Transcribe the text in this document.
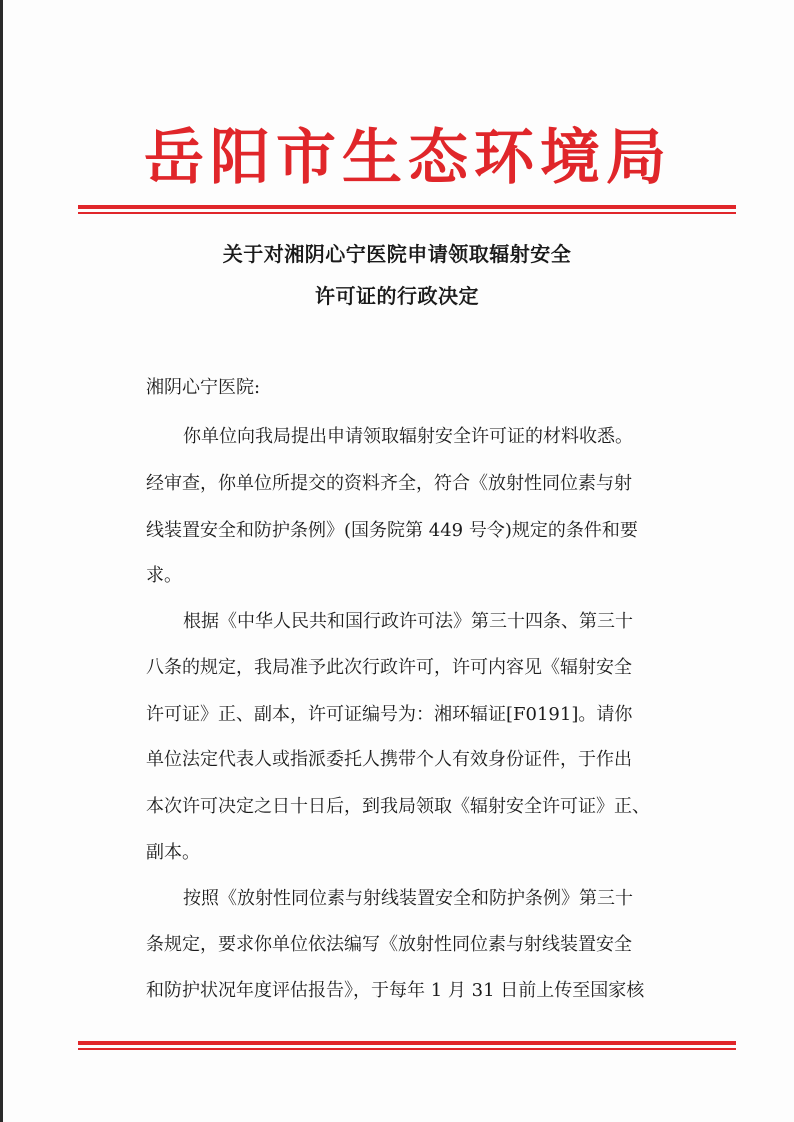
岳阳市生态环境局
关于对湘阴心宁医院申请领取辐射安全
许可证的行政决定

湘阴心宁医院:

你单位向我局提出申请领取辐射安全许可证的材料收悉。

经审查，你单位所提交的资料齐全，符合《放射性同位素与射

线装置安全和防护条例》(国务院第 449 号令)规定的条件和要

求。

根据《中华人民共和国行政许可法》第三十四条、第三十

八条的规定，我局准予此次行政许可，许可内容见《辐射安全

许可证》正、副本，许可证编号为：湘环辐证[F0191]。请你

单位法定代表人或指派委托人携带个人有效身份证件，于作出

本次许可决定之日十日后，到我局领取《辐射安全许可证》正、

副本。

按照《放射性同位素与射线装置安全和防护条例》第三十

条规定，要求你单位依法编写《放射性同位素与射线装置安全

和防护状况年度评估报告》，于每年 1 月 31 日前上传至国家核
